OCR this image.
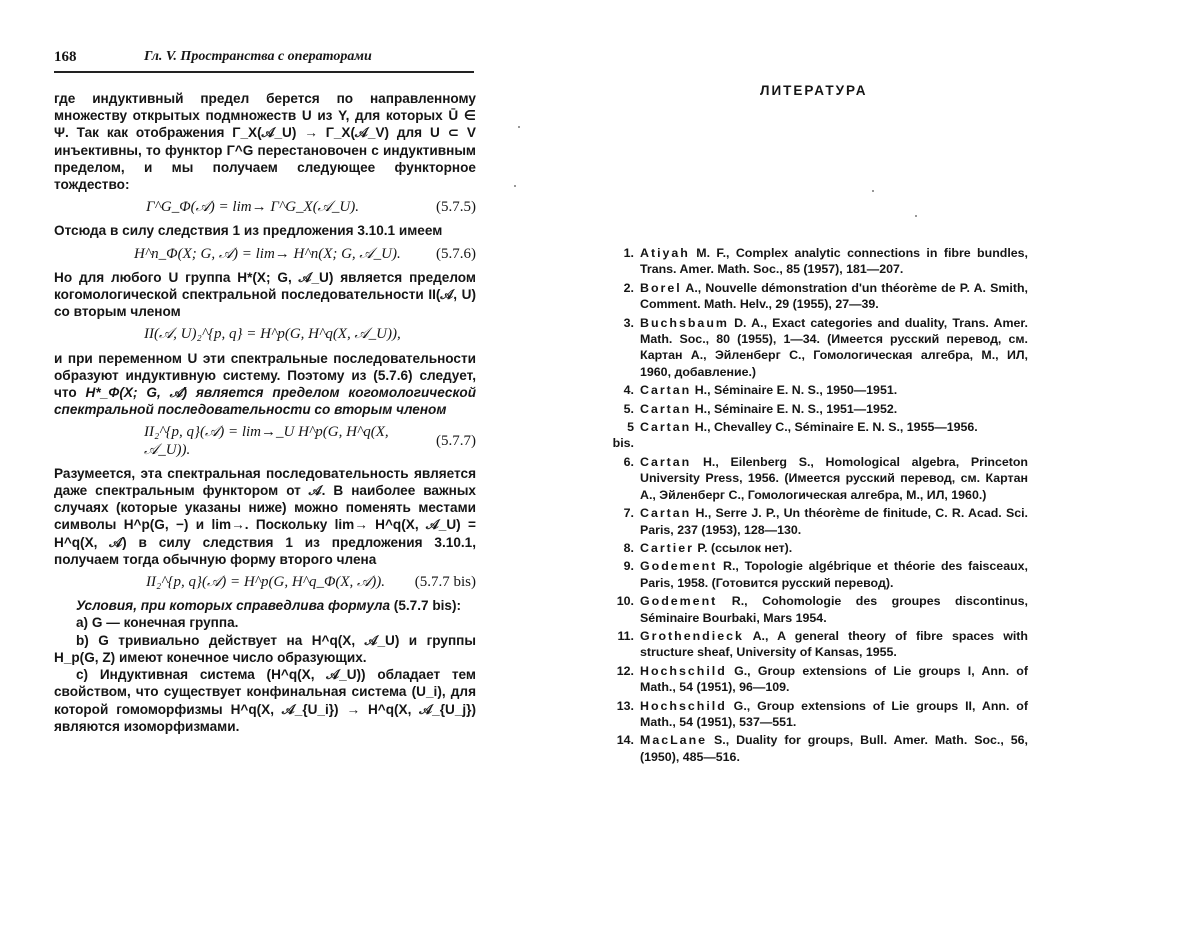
168	Гл. V. Пространства с операторами

где индуктивный предел берется по направленному множеству открытых подмножеств U из Y, для которых Ū ∈ Ψ. Так как отображения Γ_X(𝒜_U) → Γ_X(𝒜_V) для U ⊂ V инъективны, то функтор Γ^G перестановочен с индуктивным пределом, и мы получаем следующее функторное тождество:

Γ^G_Φ(𝒜) = lim→ Γ^G_X(𝒜_U).	(5.7.5)

Отсюда в силу следствия 1 из предложения 3.10.1 имеем

H^n_Φ(X; G, 𝒜) = lim→ H^n(X; G, 𝒜_U). (5.7.6)

Но для любого U группа H*(X; G, 𝒜_U) является пределом когомологической спектральной последовательности II(𝒜, U) со вторым членом

II(𝒜, U)₂^{p, q} = H^p(G, H^q(X, 𝒜_U)),

и при переменном U эти спектральные последовательности образуют индуктивную систему. Поэтому из (5.7.6) следует, что H*_Φ(X; G, 𝒜) является пределом когомологической спектральной последовательности со вторым членом

II₂^{p, q}(𝒜) = lim→_U H^p(G, H^q(X, 𝒜_U)).
(5.7.7)

Разумеется, эта спектральная последовательность является даже спектральным функтором от 𝒜. В наиболее важных случаях (которые указаны ниже) можно поменять местами символы H^p(G, −) и lim→. Поскольку lim→ H^q(X, 𝒜_U) = H^q(X, 𝒜) в силу следствия 1 из предложения 3.10.1, получаем тогда обычную форму второго члена

II₂^{p, q}(𝒜) = H^p(G, H^q_Φ(X, 𝒜)). (5.7.7 bis)

Условия, при которых справедлива формула (5.7.7 bis):

а) G — конечная группа.

b) G тривиально действует на H^q(X, 𝒜_U) и группы H_p(G, Z) имеют конечное число образующих.

c) Индуктивная система (H^q(X, 𝒜_U)) обладает тем свойством, что существует конфинальная система (U_i), для которой гомоморфизмы H^q(X, 𝒜_{U_i}) → H^q(X, 𝒜_{U_j}) являются изоморфизмами.

ЛИТЕРАТУРА
1. Atiyah M. F., Complex analytic connections in fibre bundles, Trans. Amer. Math. Soc., 85 (1957), 181—207.
2. Borel A., Nouvelle démonstration d'un théorème de P. A. Smith, Comment. Math. Helv., 29 (1955), 27—39.
3. Buchsbaum D. A., Exact categories and duality, Trans. Amer. Math. Soc., 80 (1955), 1—34. (Имеется русский перевод, см. Картан А., Эйленберг С., Гомологическая алгебра, М., ИЛ, 1960, добавление.)
4. Cartan H., Séminaire E. N. S., 1950—1951.
5. Cartan H., Séminaire E. N. S., 1951—1952.
5 bis.
Cartan H., Chevalley C., Séminaire E. N. S., 1955—1956.
6. Cartan H., Eilenberg S., Homological algebra, Princeton University Press, 1956. (Имеется русский перевод, см. Картан А., Эйленберг С., Гомологическая алгебра, М., ИЛ, 1960.)
7. Cartan H., Serre J. P., Un théorème de finitude, C. R. Acad. Sci. Paris, 237 (1953), 128—130.
8. Cartier P. (ссылок нет).
9. Godement R., Topologie algébrique et théorie des faisceaux, Paris, 1958. (Готовится русский перевод).
10. Godement R., Cohomologie des groupes discontinus, Séminaire Bourbaki, Mars 1954.
11. Grothendieck A., A general theory of fibre spaces with structure sheaf, University of Kansas, 1955.
12. Hochschild G., Group extensions of Lie groups I, Ann. of Math., 54 (1951), 96—109.
13. Hochschild G., Group extensions of Lie groups II, Ann. of Math., 54 (1951), 537—551.
14. MacLane S., Duality for groups, Bull. Amer. Math. Soc., 56, (1950), 485—516.
